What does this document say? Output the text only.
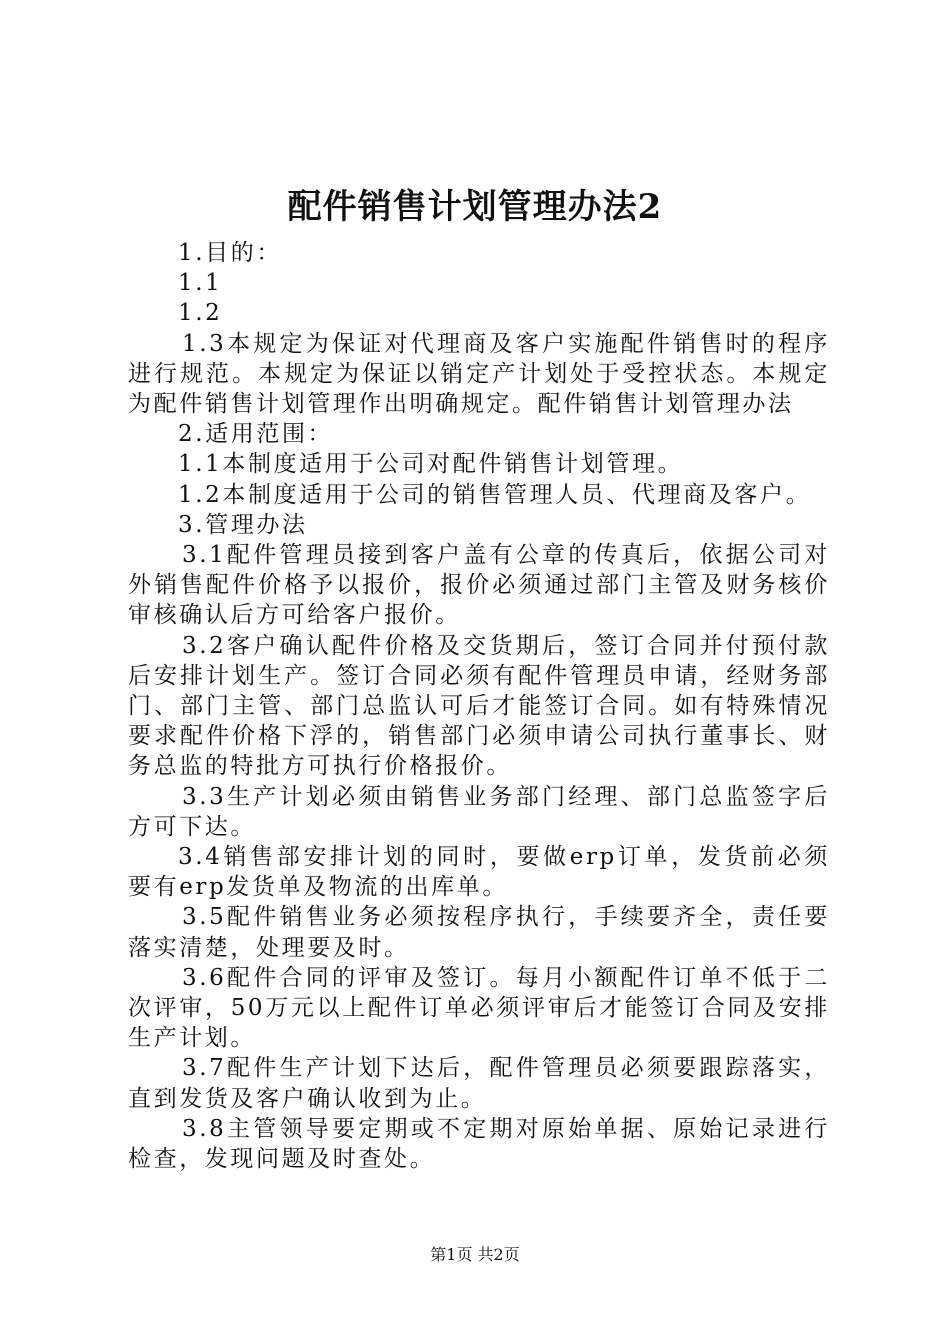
配件销售计划管理办法2

1.目的：

1.1

1.2

1.3本规定为保证对代理商及客户实施配件销售时的程序进行规范。本规定为保证以销定产计划处于受控状态。本规定为配件销售计划管理作出明确规定。配件销售计划管理办法

2.适用范围：

1.1本制度适用于公司对配件销售计划管理。

1.2本制度适用于公司的销售管理人员、代理商及客户。

3.管理办法

3.1配件管理员接到客户盖有公章的传真后，依据公司对外销售配件价格予以报价，报价必须通过部门主管及财务核价审核确认后方可给客户报价。

3.2客户确认配件价格及交货期后，签订合同并付预付款后安排计划生产。签订合同必须有配件管理员申请，经财务部门、部门主管、部门总监认可后才能签订合同。如有特殊情况要求配件价格下浮的，销售部门必须申请公司执行董事长、财务总监的特批方可执行价格报价。

3.3生产计划必须由销售业务部门经理、部门总监签字后方可下达。

3.4销售部安排计划的同时，要做erp订单，发货前必须要有erp发货单及物流的出库单。

3.5配件销售业务必须按程序执行，手续要齐全，责任要落实清楚，处理要及时。

3.6配件合同的评审及签订。每月小额配件订单不低于二次评审，50万元以上配件订单必须评审后才能签订合同及安排生产计划。

3.7配件生产计划下达后，配件管理员必须要跟踪落实，直到发货及客户确认收到为止。

3.8主管领导要定期或不定期对原始单据、原始记录进行检查，发现问题及时查处。

第1页 共2页
